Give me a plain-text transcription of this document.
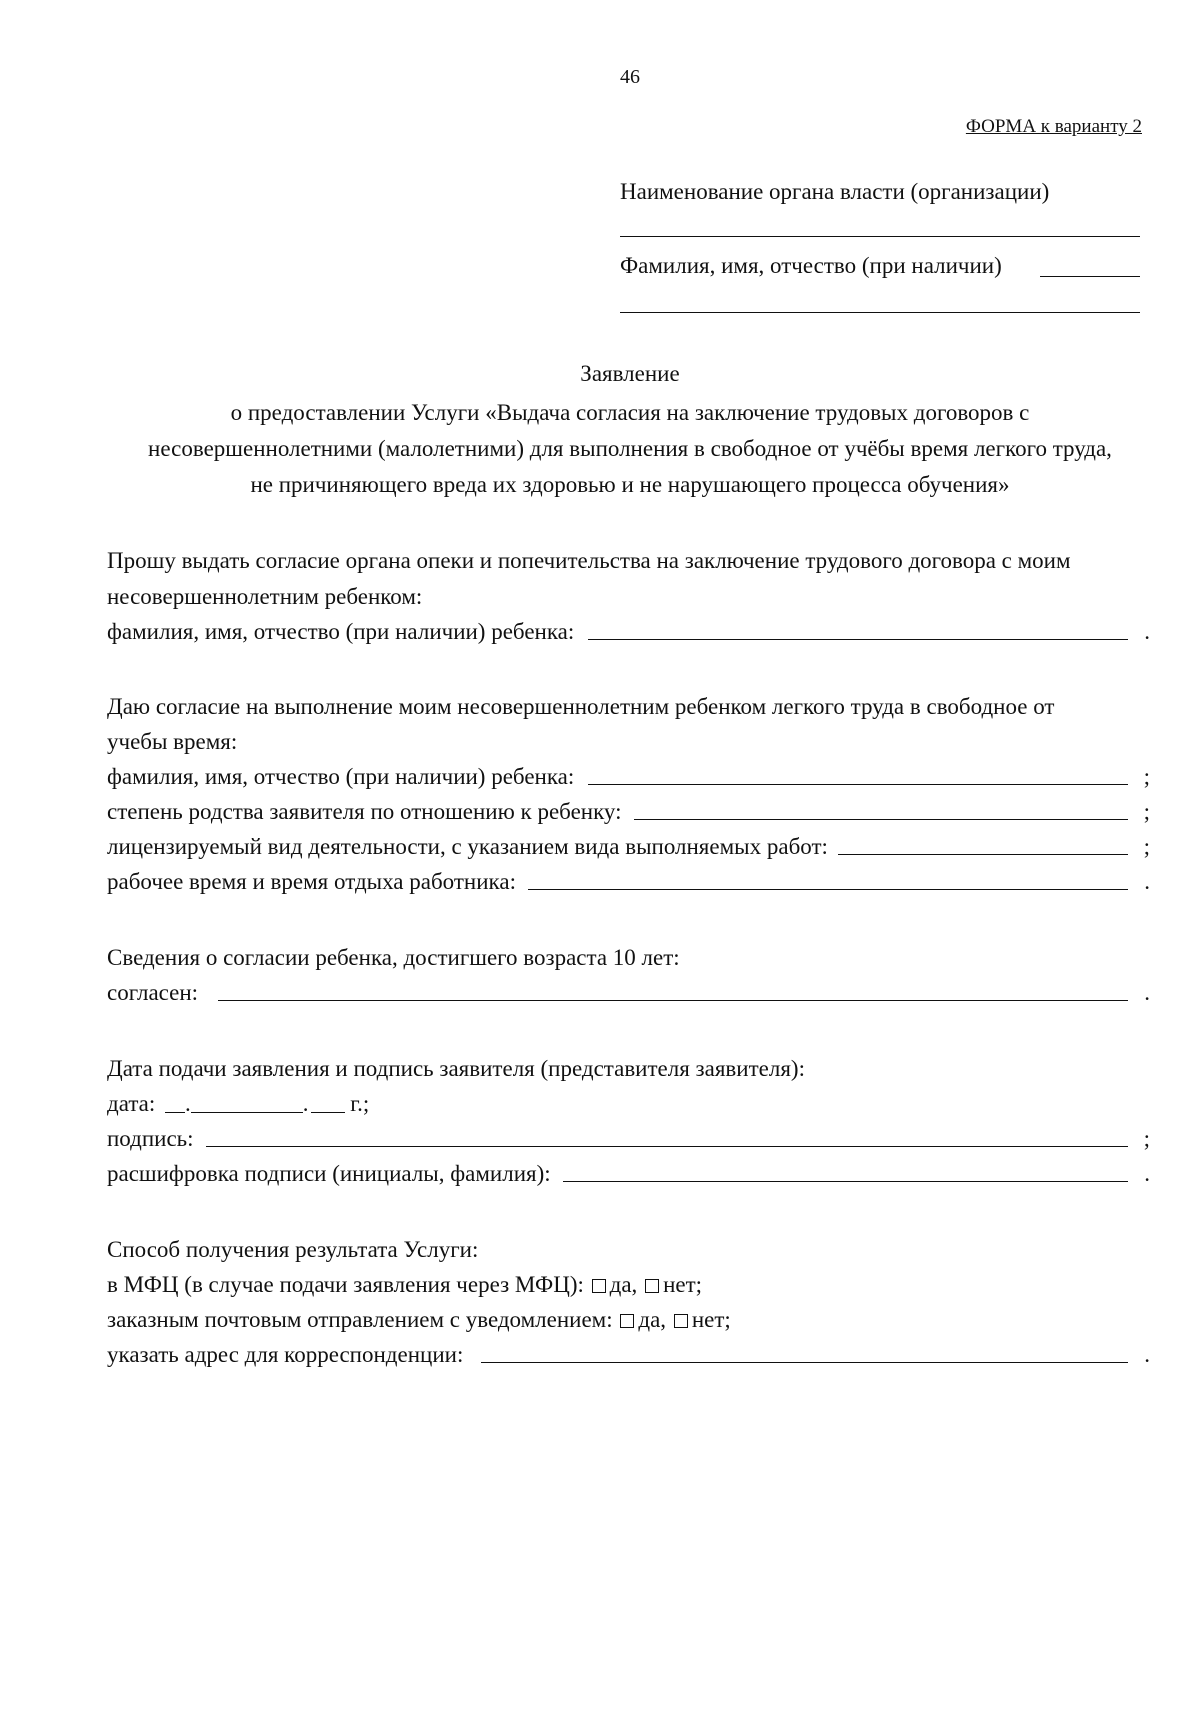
46
ФОРМА к варианту 2
Наименование органа власти (организации)
Фамилия, имя, отчество (при наличии)
Заявление
о предоставлении Услуги «Выдача согласия на заключение трудовых договоров с
несовершеннолетними (малолетними) для выполнения в свободное от учёбы время легкого труда,
не причиняющего вреда их здоровью и не нарушающего процесса обучения»
Прошу выдать согласие органа опеки и попечительства на заключение трудового договора с моим
несовершеннолетним ребенком:
фамилия, имя, отчество (при наличии) ребенка:	.
Даю согласие на выполнение моим несовершеннолетним ребенком легкого труда в свободное от
учебы время:
фамилия, имя, отчество (при наличии) ребенка:	;
степень родства заявителя по отношению к ребенку:	;
лицензируемый вид деятельности, с указанием вида выполняемых работ:	;
рабочее время и время отдыха работника:	.
Сведения о согласии ребенка, достигшего возраста 10 лет:
согласен:	.
Дата подачи заявления и подпись заявителя (представителя заявителя):
дата: .	. г.;
подпись:	;
расшифровка подписи (инициалы, фамилия):	.
Способ получения результата Услуги:
в МФЦ (в случае подачи заявления через МФЦ): да, нет;
заказным почтовым отправлением с уведомлением: да, нет;
указать адрес для корреспонденции:	.
